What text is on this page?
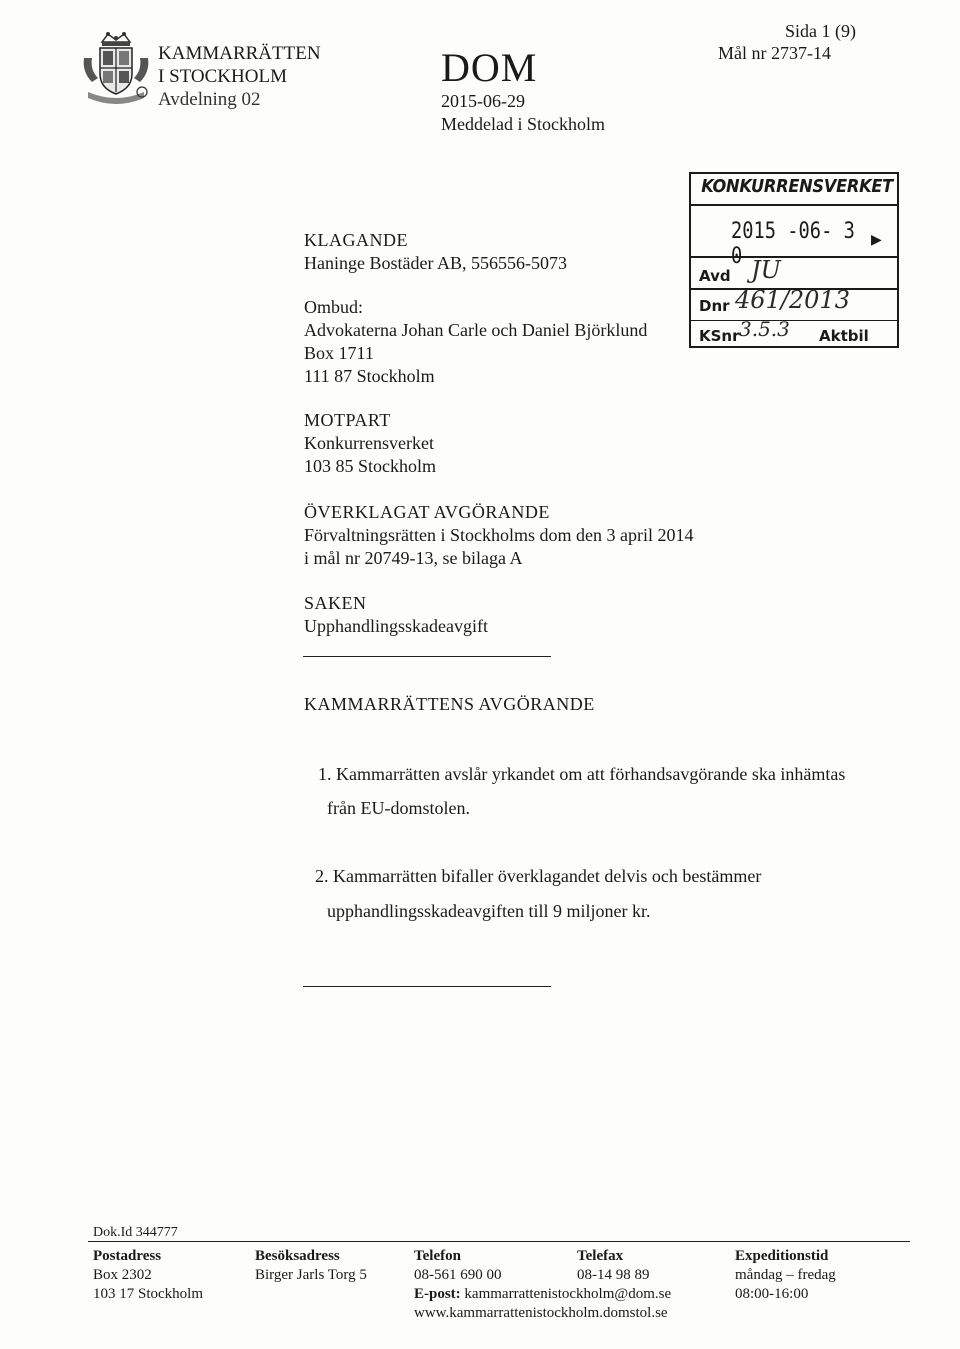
KAMMARRÄTTEN
I STOCKHOLM
Avdelning 02
DOM
2015-06-29
Meddelad i Stockholm
Sida 1 (9)
Mål nr 2737-14
KONKURRENSVERKET
2015 -06- 3	▶
Avd JU
Dnr 461/2013
KSnr 3.5.3 Aktbil
KLAGANDE
Haninge Bostäder AB, 556556-5073
Ombud:
Advokaterna Johan Carle och Daniel Björklund
Box 1711
111 87 Stockholm
MOTPART
Konkurrensverket
103 85 Stockholm
ÖVERKLAGAT AVGÖRANDE
Förvaltningsrätten i Stockholms dom den 3 april 2014
i mål nr 20749-13, se bilaga A
SAKEN
Upphandlingsskadeavgift
KAMMARRÄTTENS AVGÖRANDE
1. Kammarrätten avslår yrkandet om att förhandsavgörande ska inhämtas
från EU-domstolen.
2. Kammarrätten bifaller överklagandet delvis och bestämmer
upphandlingsskadeavgiften till 9 miljoner kr.
Dok.Id 344777
Postadress
Box 2302
103 17 Stockholm
Besöksadress
Birger Jarls Torg 5
Telefon
08-561 690 00
Telefax
08-14 98 89
E-post: kammarrattenistockholm@dom.se
www.kammarrattenistockholm.domstol.se
Expeditionstid
måndag – fredag
08:00-16:00
